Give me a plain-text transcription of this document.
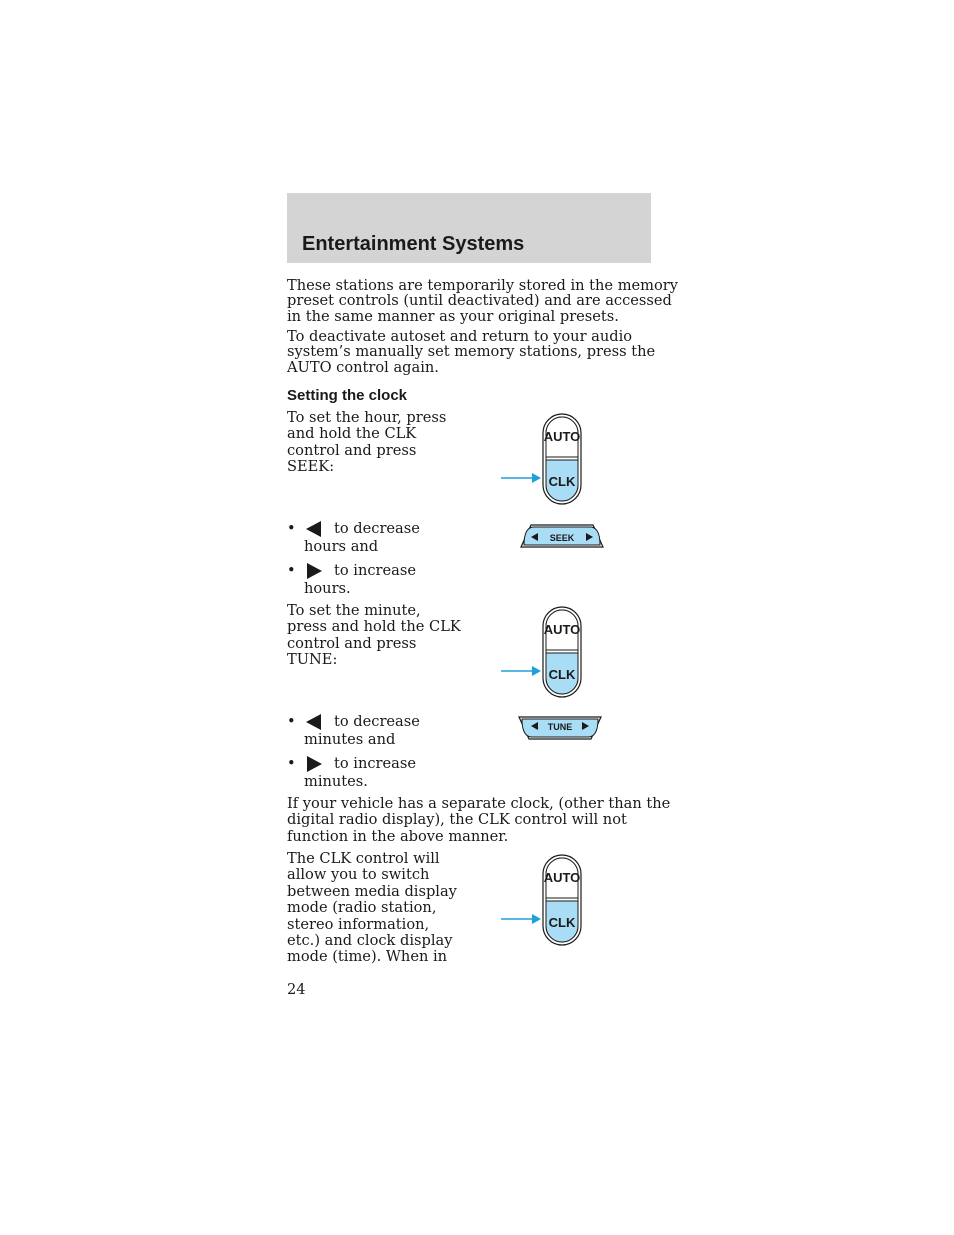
Entertainment Systems

These stations are temporarily stored in the memory

preset controls (until deactivated) and are accessed

in the same manner as your original presets.

To deactivate autoset and return to your audio

system’s manually set memory stations, press the

AUTO control again.

Setting the clock
To set the hour, press
and hold the CLK
control and press
SEEK:
•	to decrease
hours and
•	to increase
hours.
To set the minute,
press and hold the CLK
control and press
TUNE:
•	to decrease
minutes and
•	to increase
minutes.

If your vehicle has a separate clock, (other than the

digital radio display), the CLK control will not

function in the above manner.

The CLK control will
allow you to switch
between media display
mode (radio station,
stereo information,
etc.) and clock display
mode (time). When in
AUTO
CLK
SEEK
AUTO
CLK
TUNE
AUTO
CLK
24
